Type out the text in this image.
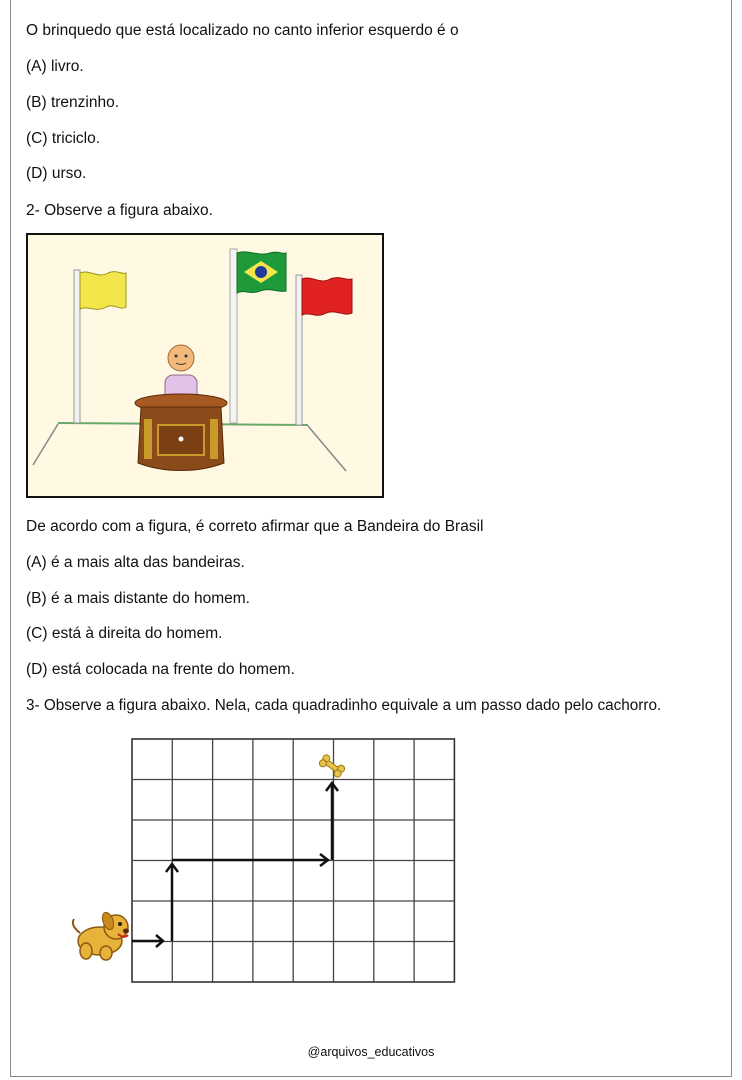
O brinquedo que está localizado no canto inferior esquerdo é o
(A) livro.
(B) trenzinho.
(C) triciclo.
(D) urso.
2- Observe a figura abaixo.
De acordo com a figura, é correto afirmar que a Bandeira do Brasil
(A) é a mais alta das bandeiras.
(B) é a mais distante do homem.
(C) está à direita do homem.
(D) está colocada na frente do homem.
3- Observe a figura abaixo. Nela, cada quadradinho equivale a um passo dado pelo cachorro.
@arquivos_educativos
